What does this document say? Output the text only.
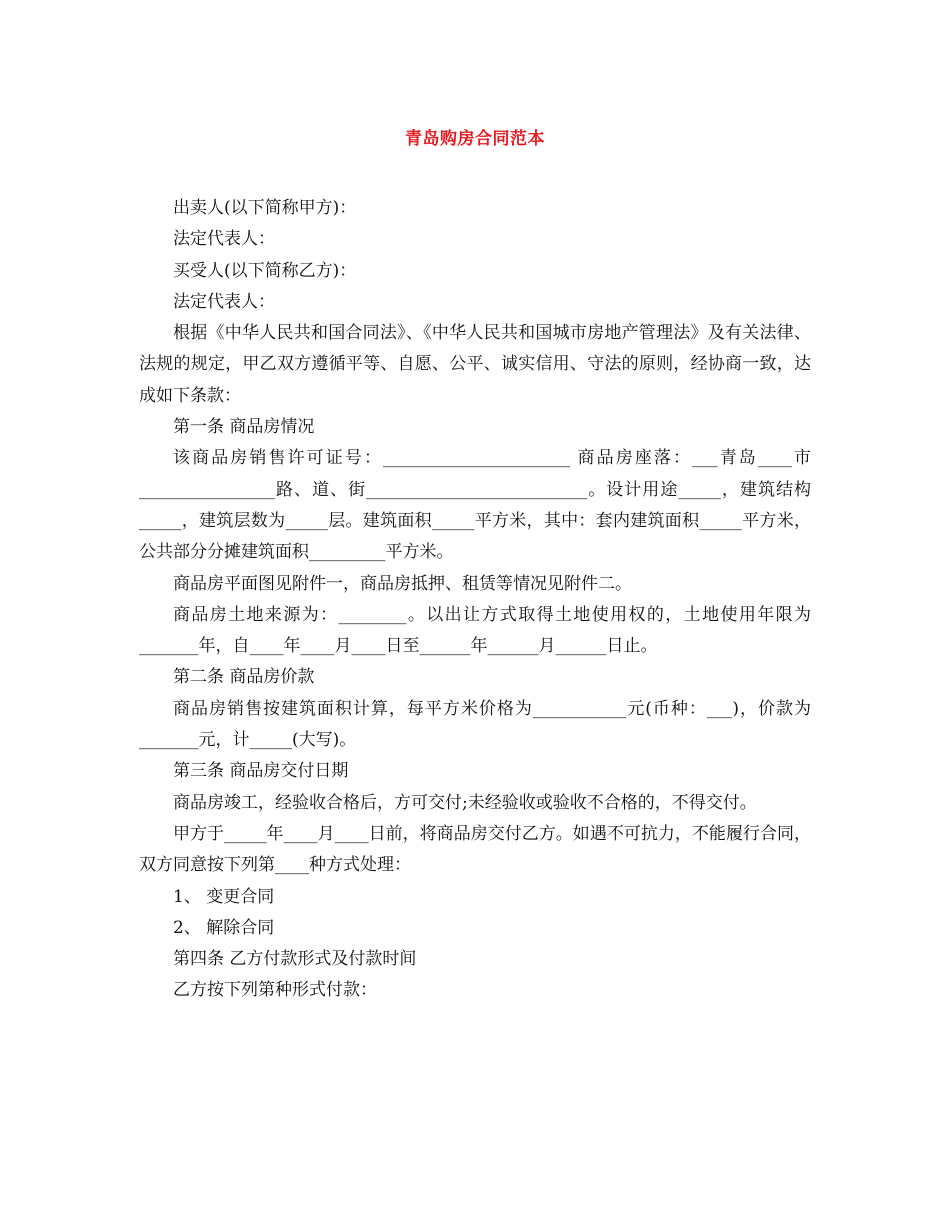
青岛购房合同范本

出卖人(以下简称甲方)：

法定代表人：

买受人(以下简称乙方)：

法定代表人：

根据《中华人民共和国合同法》、《中华人民共和国城市房地产管理法》及有关法律、法规的规定，甲乙双方遵循平等、自愿、公平、诚实信用、守法的原则，经协商一致，达成如下条款：

第一条 商品房情况

该商品房销售许可证号：______________________ 商品房座落：___青岛____市________________路、道、街__________________________。设计用途_____，建筑结构_____，建筑层数为_____层。建筑面积_____平方米，其中：套内建筑面积_____平方米，公共部分分摊建筑面积_________平方米。

商品房平面图见附件一，商品房抵押、租赁等情况见附件二。

商品房土地来源为：________。以出让方式取得土地使用权的，土地使用年限为_______年，自____年____月____日至______年______月______日止。

第二条 商品房价款

商品房销售按建筑面积计算，每平方米价格为___________元(币种：___)，价款为_______元，计_____(大写)。

第三条 商品房交付日期

商品房竣工，经验收合格后，方可交付;未经验收或验收不合格的，不得交付。

甲方于_____年____月____日前，将商品房交付乙方。如遇不可抗力，不能履行合同，双方同意按下列第____种方式处理：

1、 变更合同

2、 解除合同

第四条 乙方付款形式及付款时间

乙方按下列第种形式付款：
